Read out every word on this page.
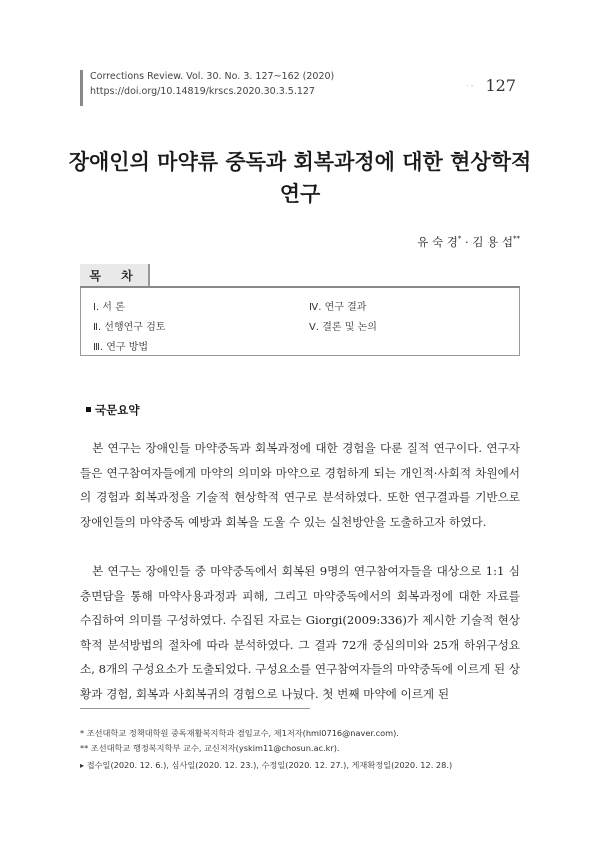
Corrections Review. Vol. 30. No. 3. 127~162 (2020)
https://doi.org/10.14819/krscs.2020.30.3.5.127	· ◦ 127
장애인의 마약류 중독과 회복과정에 대한 현상학적 연구
유 숙 경* · 김 용 섭**
목 차
Ⅰ. 서 론
Ⅱ. 선행연구 검토
Ⅲ. 연구 방법
Ⅳ. 연구 결과
Ⅴ. 결론 및 논의
국문요약
본 연구는 장애인들 마약중독과 회복과정에 대한 경험을 다룬 질적 연구이다. 연구자들은 연구참여자들에게 마약의 의미와 마약으로 경험하게 되는 개인적·사회적 차원에서의 경험과 회복과정을 기술적 현상학적 연구로 분석하였다. 또한 연구결과를 기반으로 장애인들의 마약중독 예방과 회복을 도울 수 있는 실천방안을 도출하고자 하였다.
본 연구는 장애인들 중 마약중독에서 회복된 9명의 연구참여자들을 대상으로 1:1 심층면담을 통해 마약사용과정과 피해, 그리고 마약중독에서의 회복과정에 대한 자료를 수집하여 의미를 구성하였다. 수집된 자료는 Giorgi(2009:336)가 제시한 기술적 현상학적 분석방법의 절차에 따라 분석하였다. 그 결과 72개 중심의미와 25개 하위구성요소, 8개의 구성요소가 도출되었다. 구성요소를 연구참여자들의 마약중독에 이르게 된 상황과 경험, 회복과 사회복귀의 경험으로 나눴다. 첫 번째 마약에 이르게 된
* 조선대학교 정책대학원 중독재활복지학과 겸임교수, 제1저자(hml0716@naver.com).
** 조선대학교 행정복지학부 교수, 교신저자(yskim11@chosun.ac.kr).
▸ 접수일(2020. 12. 6.), 심사일(2020. 12. 23.), 수정일(2020. 12. 27.), 게재확정일(2020. 12. 28.)
